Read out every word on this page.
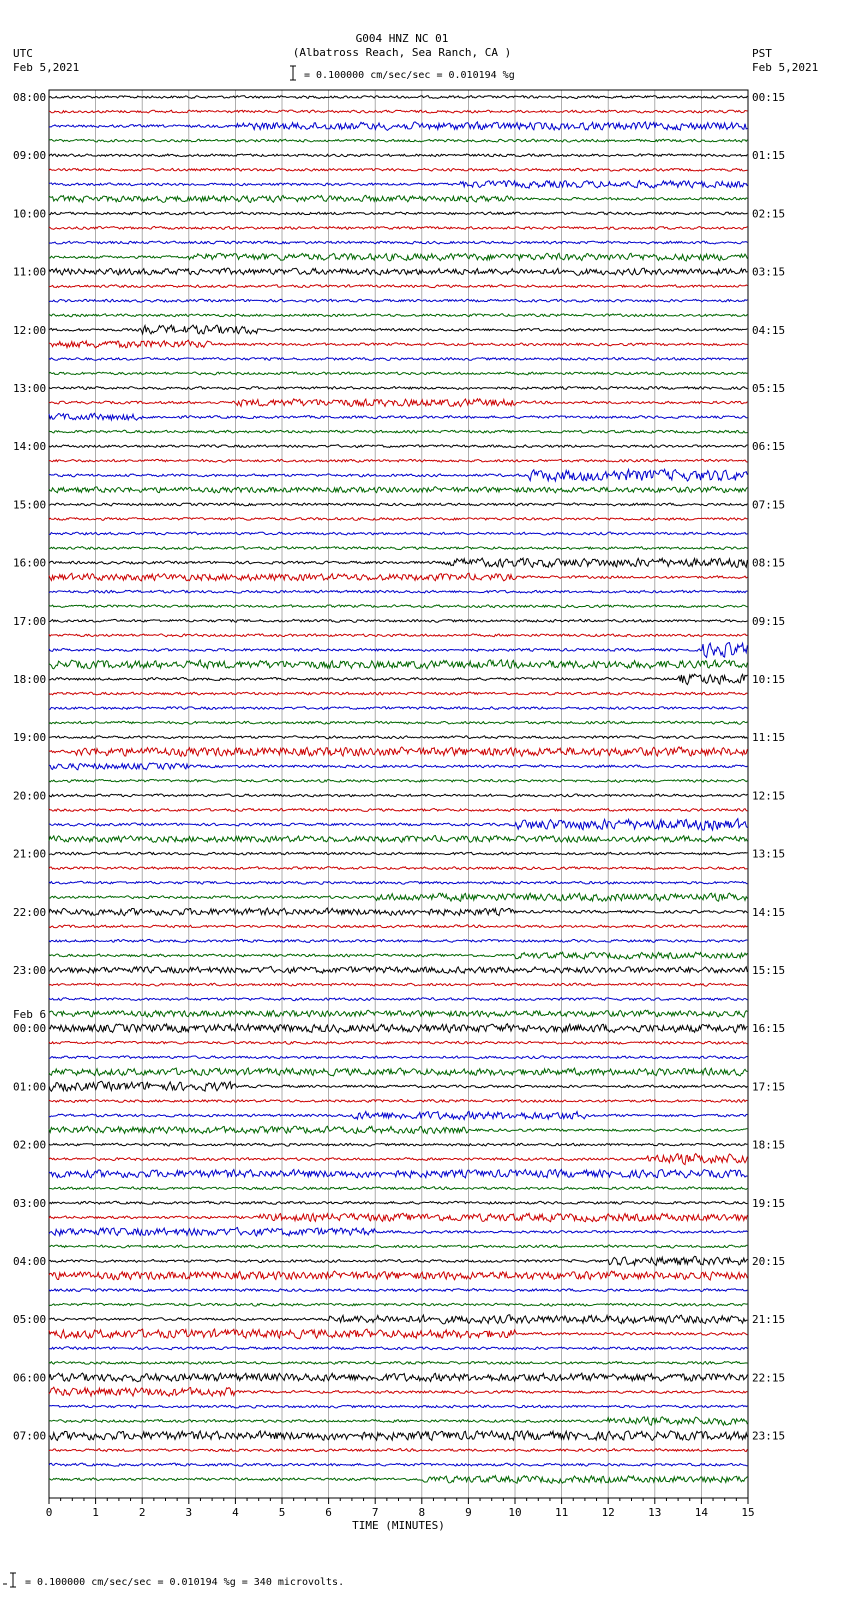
G004 HNZ NC 01
(Albatross Reach, Sea Ranch, CA )
UTC
Feb 5,2021
PST
Feb 5,2021
= 0.100000 cm/sec/sec = 0.010194 %g
= 0.100000 cm/sec/sec = 0.010194 %g = 340 microvolts.
0	1	2	3	4	5	6	7	8	9	10	11	12	13	14	15
TIME (MINUTES)
08:00
09:00
10:00
11:00
12:00
13:00
14:00
15:00
16:00
17:00
18:00
19:00
20:00
21:00
22:00
23:00
00:00
01:00
02:00
03:00
04:00
05:00
06:00
07:00
00:15
01:15
02:15
03:15
04:15
05:15
06:15
07:15
08:15
09:15
10:15
11:15
12:15
13:15
14:15
15:15
16:15
17:15
18:15
19:15
20:15
21:15
22:15
23:15
Feb 6
